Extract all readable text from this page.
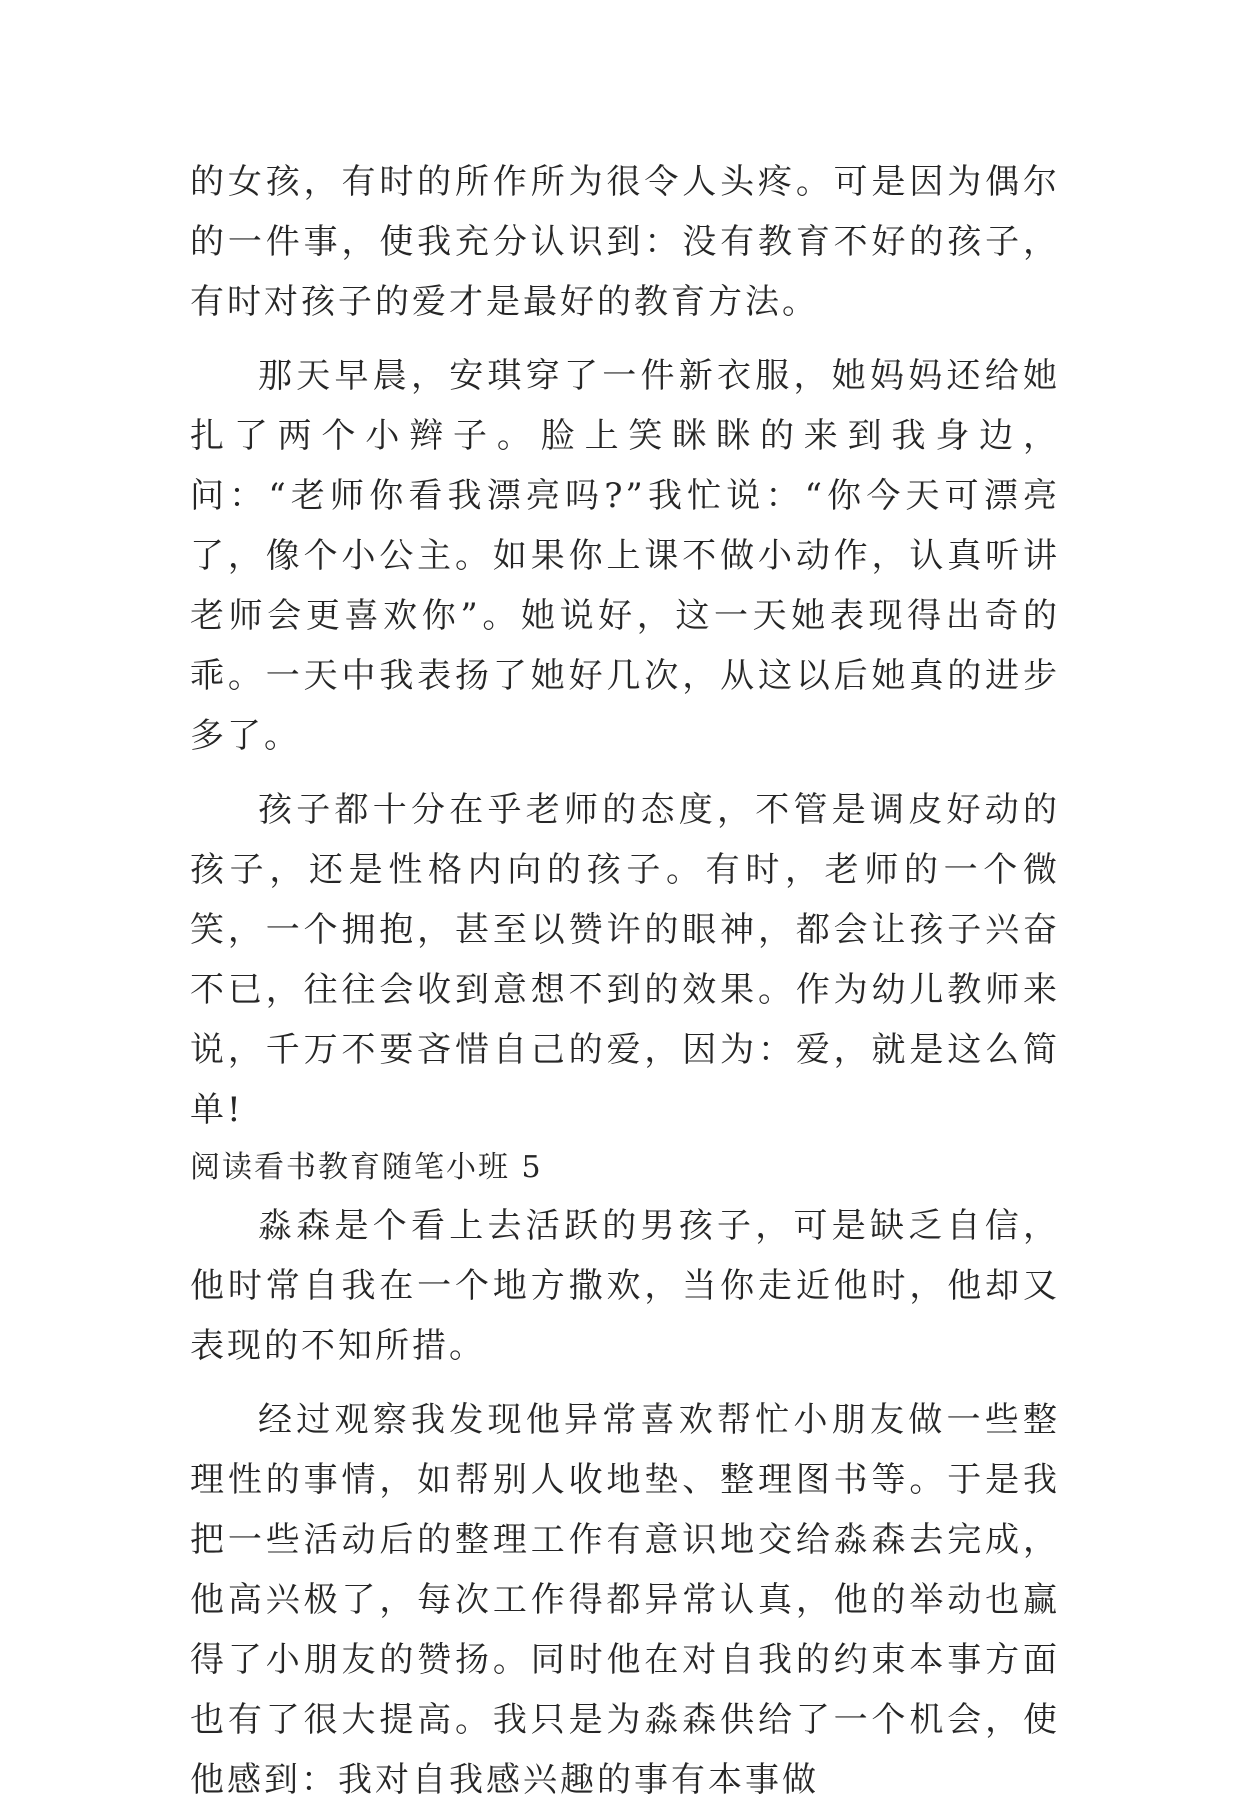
的女孩，有时的所作所为很令人头疼。可是因为偶尔的一件事，使我充分认识到：没有教育不好的孩子，有时对孩子的爱才是最好的教育方法。

那天早晨，安琪穿了一件新衣服，她妈妈还给她扎了两个小辫子。脸上笑眯眯的来到我身边，问：“老师你看我漂亮吗?”我忙说：“你今天可漂亮了，像个小公主。如果你上课不做小动作，认真听讲老师会更喜欢你”。她说好，这一天她表现得出奇的乖。一天中我表扬了她好几次，从这以后她真的进步多了。

孩子都十分在乎老师的态度，不管是调皮好动的孩子，还是性格内向的孩子。有时，老师的一个微笑，一个拥抱，甚至以赞许的眼神，都会让孩子兴奋不已，往往会收到意想不到的效果。作为幼儿教师来说，千万不要吝惜自己的爱，因为：爱，就是这么简单!

阅读看书教育随笔小班 5

淼森是个看上去活跃的男孩子，可是缺乏自信，他时常自我在一个地方撒欢，当你走近他时，他却又表现的不知所措。

经过观察我发现他异常喜欢帮忙小朋友做一些整理性的事情，如帮别人收地垫、整理图书等。于是我把一些活动后的整理工作有意识地交给淼森去完成，他高兴极了，每次工作得都异常认真，他的举动也赢得了小朋友的赞扬。同时他在对自我的约束本事方面也有了很大提高。我只是为淼森供给了一个机会，使他感到：我对自我感兴趣的事有本事做
